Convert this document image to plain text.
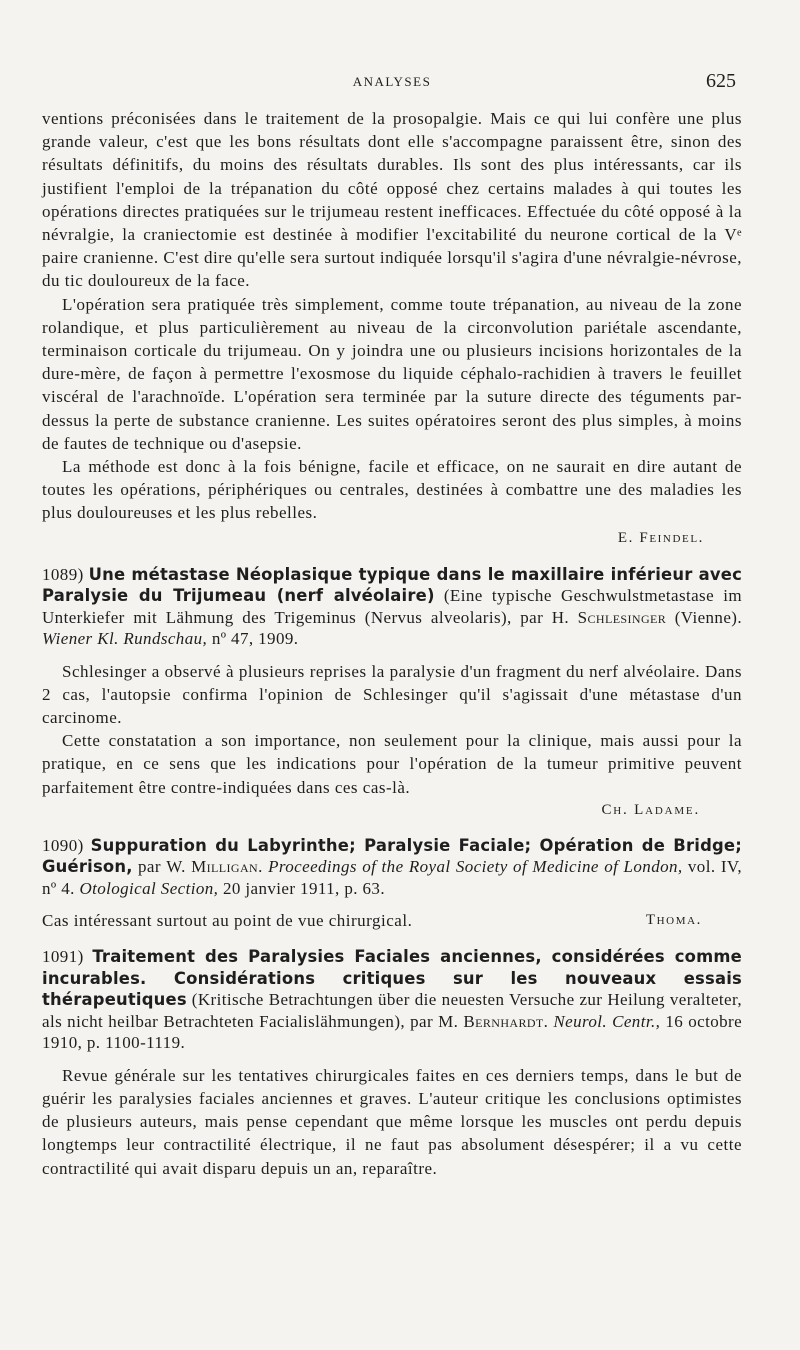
ANALYSES	625

ventions préconisées dans le traitement de la prosopalgie. Mais ce qui lui confère une plus grande valeur, c'est que les bons résultats dont elle s'accompagne paraissent être, sinon des résultats définitifs, du moins des résultats durables. Ils sont des plus intéressants, car ils justifient l'emploi de la trépanation du côté opposé chez certains malades à qui toutes les opérations directes pratiquées sur le trijumeau restent inefficaces. Effectuée du côté opposé à la névralgie, la craniectomie est destinée à modifier l'excitabilité du neurone cortical de la Vᵉ paire cranienne. C'est dire qu'elle sera surtout indiquée lorsqu'il s'agira d'une névralgie-névrose, du tic douloureux de la face.

L'opération sera pratiquée très simplement, comme toute trépanation, au niveau de la zone rolandique, et plus particulièrement au niveau de la circonvolution pariétale ascendante, terminaison corticale du trijumeau. On y joindra une ou plusieurs incisions horizontales de la dure-mère, de façon à permettre l'exosmose du liquide céphalo-rachidien à travers le feuillet viscéral de l'arachnoïde. L'opération sera terminée par la suture directe des téguments par-dessus la perte de substance cranienne. Les suites opératoires seront des plus simples, à moins de fautes de technique ou d'asepsie.

La méthode est donc à la fois bénigne, facile et efficace, on ne saurait en dire autant de toutes les opérations, périphériques ou centrales, destinées à combattre une des maladies les plus douloureuses et les plus rebelles.

E. Feindel.
1089) Une métastase Néoplasique typique dans le maxillaire inférieur avec Paralysie du Trijumeau (nerf alvéolaire) (Eine typische Geschwulstmetastase im Unterkiefer mit Lähmung des Trigeminus (Nervus alveolaris), par H. Schlesinger (Vienne). Wiener Kl. Rundschau, nº 47, 1909.

Schlesinger a observé à plusieurs reprises la paralysie d'un fragment du nerf alvéolaire. Dans 2 cas, l'autopsie confirma l'opinion de Schlesinger qu'il s'agissait d'une métastase d'un carcinome.

Cette constatation a son importance, non seulement pour la clinique, mais aussi pour la pratique, en ce sens que les indications pour l'opération de la tumeur primitive peuvent parfaitement être contre-indiquées dans ces cas-là.

Ch. Ladame.
1090) Suppuration du Labyrinthe; Paralysie Faciale; Opération de Bridge; Guérison, par W. Milligan. Proceedings of the Royal Society of Medicine of London, vol. IV, nº 4. Otological Section, 20 janvier 1911, p. 63.
Cas intéressant surtout au point de vue chirurgical.	Thoma.
1091) Traitement des Paralysies Faciales anciennes, considérées comme incurables. Considérations critiques sur les nouveaux essais thérapeutiques (Kritische Betrachtungen über die neuesten Versuche zur Heilung veralteter, als nicht heilbar Betrachteten Facialislähmungen), par M. Bernhardt. Neurol. Centr., 16 octobre 1910, p. 1100-1119.

Revue générale sur les tentatives chirurgicales faites en ces derniers temps, dans le but de guérir les paralysies faciales anciennes et graves. L'auteur critique les conclusions optimistes de plusieurs auteurs, mais pense cependant que même lorsque les muscles ont perdu depuis longtemps leur contractilité électrique, il ne faut pas absolument désespérer; il a vu cette contractilité qui avait disparu depuis un an, reparaître.
